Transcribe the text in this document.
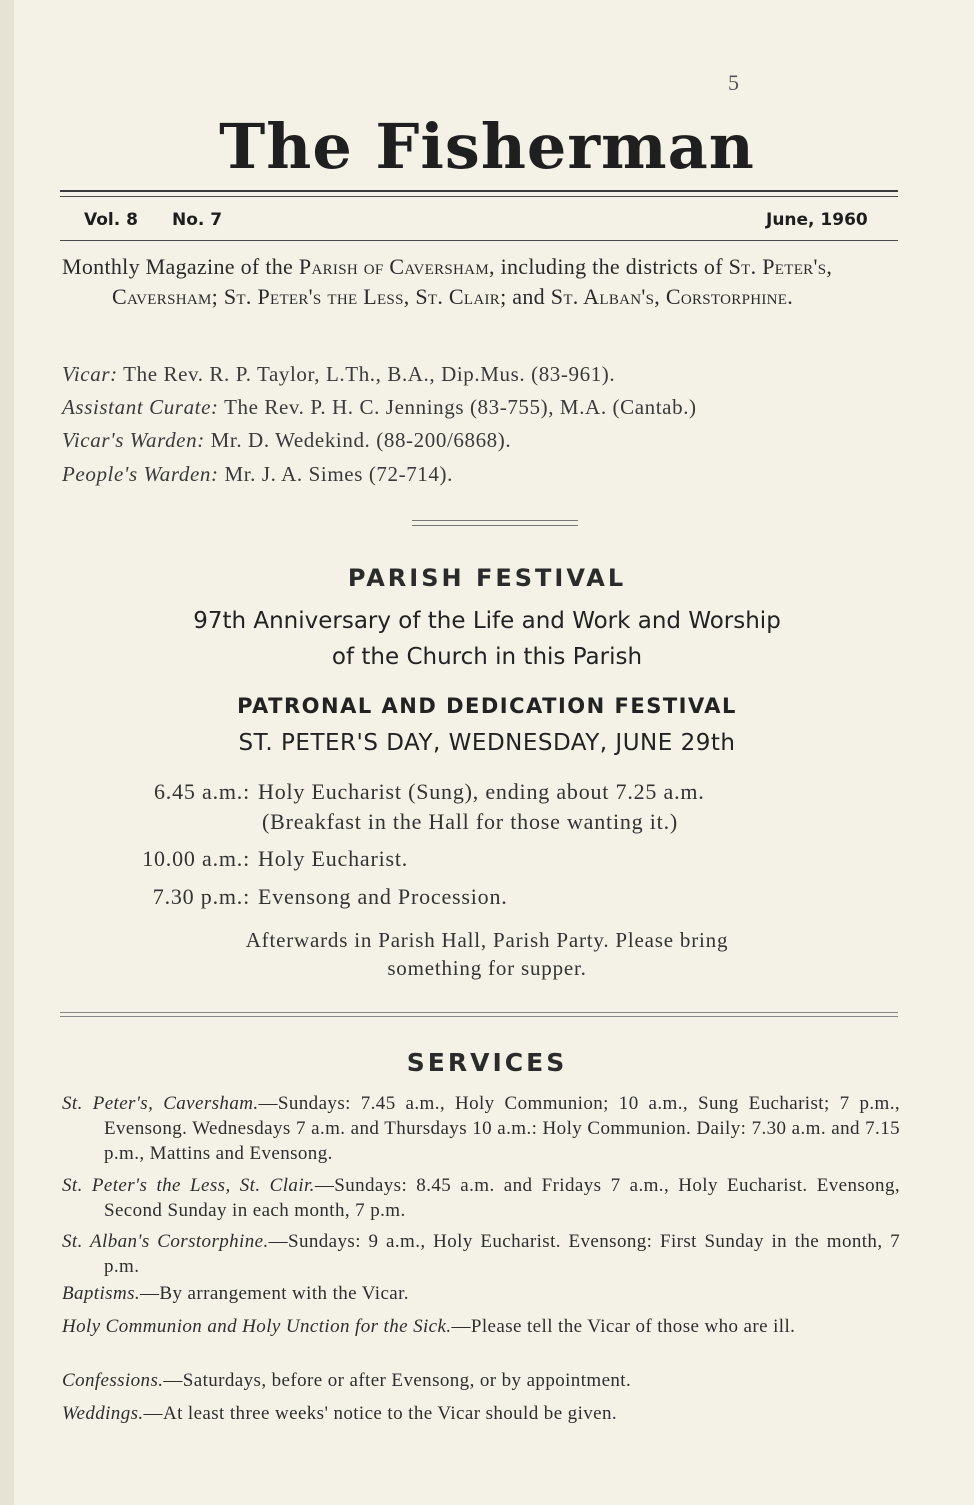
5
The Fisherman
Vol. 8 No. 7	June, 1960

Monthly Magazine of the Parish of Caversham, including the districts of St. Peter's, Caversham; St. Peter's the Less, St. Clair; and St. Alban's, Corstorphine.

Vicar: The Rev. R. P. Taylor, L.Th., B.A., Dip.Mus. (83-961).
Assistant Curate: The Rev. P. H. C. Jennings (83-755), M.A. (Cantab.)
Vicar's Warden: Mr. D. Wedekind. (88-200/6868).
People's Warden: Mr. J. A. Simes (72-714).
PARISH FESTIVAL
97th Anniversary of the Life and Work and Worship
of the Church in this Parish
PATRONAL AND DEDICATION FESTIVAL
ST. PETER'S DAY, WEDNESDAY, JUNE 29th
6.45 a.m.: Holy Eucharist (Sung), ending about 7.25 a.m.
(Breakfast in the Hall for those wanting it.)
10.00 a.m.: Holy Eucharist.
7.30 p.m.: Evensong and Procession.
Afterwards in Parish Hall, Parish Party. Please bring
something for supper.
SERVICES

St. Peter's, Caversham.—Sundays: 7.45 a.m., Holy Communion; 10 a.m., Sung Eucharist; 7 p.m., Evensong. Wednesdays 7 a.m. and Thursdays 10 a.m.: Holy Communion. Daily: 7.30 a.m. and 7.15 p.m., Mattins and Evensong.

St. Peter's the Less, St. Clair.—Sundays: 8.45 a.m. and Fridays 7 a.m., Holy Eucharist. Evensong, Second Sunday in each month, 7 p.m.

St. Alban's Corstorphine.—Sundays: 9 a.m., Holy Eucharist. Evensong: First Sunday in the month, 7 p.m.

Baptisms.—By arrangement with the Vicar.

Holy Communion and Holy Unction for the Sick.—Please tell the Vicar of those who are ill.

Confessions.—Saturdays, before or after Evensong, or by appointment.

Weddings.—At least three weeks' notice to the Vicar should be given.
